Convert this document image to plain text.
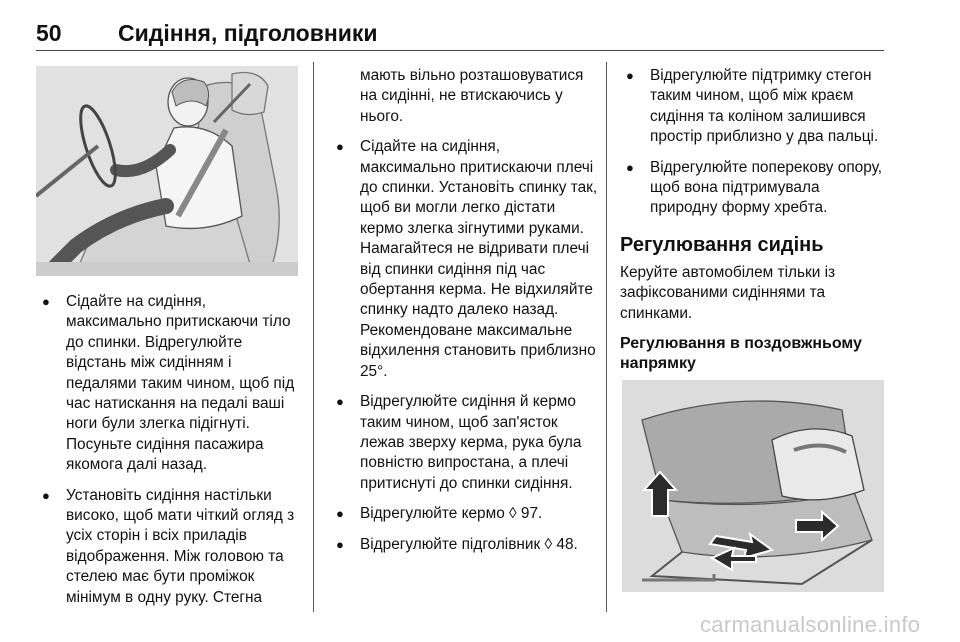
50 Сидіння, підголовники
● Сідайте на сидіння, максимально притискаючи тіло до спинки. Відрегулюйте відстань між сидінням і педалями таким чином, щоб під час натискання на педалі ваші ноги були злегка підігнуті. Посуньте сидіння пасажира якомога далі назад.
● Установіть сидіння настільки високо, щоб мати чіткий огляд з усіх сторін і всіх приладів відображення. Між головою та стелею має бути проміжок мінімум в одну руку. Стегна

мають вільно розташовуватися на сидінні, не втискаючись у нього.

● Сідайте на сидіння, максимально притискаючи плечі до спинки. Установіть спинку так, щоб ви могли легко дістати кермо злегка зігнутими руками. Намагайтеся не відривати плечі від спинки сидіння під час обертання керма. Не відхиляйте спинку надто далеко назад. Рекомендоване максимальне відхилення становить приблизно 25°.
● Відрегулюйте сидіння й кермо таким чином, щоб зап'ясток лежав зверху керма, рука була повністю випростана, а плечі притиснуті до спинки сидіння.
● Відрегулюйте кермо ◊ 97.
● Відрегулюйте підголівник ◊ 48.
● Відрегулюйте підтримку стегон таким чином, щоб між краєм сидіння та коліном залишився простір приблизно у два пальці.
● Відрегулюйте поперекову опору, щоб вона підтримувала природну форму хребта.
Регулювання сидінь

Керуйте автомобілем тільки із зафіксованими сидіннями та спинками.

Регулювання в поздовжньому напрямку
carmanualsonline.info
